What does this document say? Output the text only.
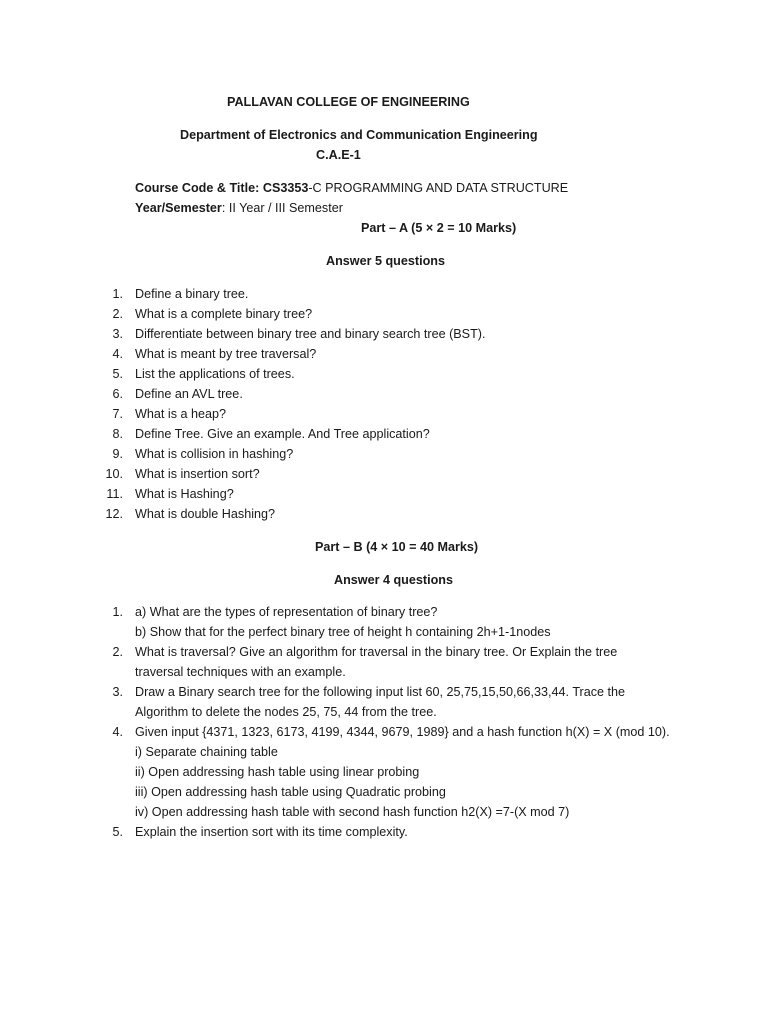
PALLAVAN COLLEGE OF ENGINEERING
Department of Electronics and Communication Engineering
C.A.E-1
Course Code & Title: CS3353-C PROGRAMMING AND DATA STRUCTURE
Year/Semester: II Year / III Semester
Part – A (5 × 2 = 10 Marks)
Answer 5 questions
1. Define a binary tree.
2. What is a complete binary tree?
3. Differentiate between binary tree and binary search tree (BST).
4. What is meant by tree traversal?
5. List the applications of trees.
6. Define an AVL tree.
7. What is a heap?
8. Define Tree. Give an example. And Tree application?
9. What is collision in hashing?
10. What is insertion sort?
11. What is Hashing?
12. What is double Hashing?
Part – B (4 × 10 = 40 Marks)
Answer 4 questions
1. a) What are the types of representation of binary tree?
b) Show that for the perfect binary tree of height h containing 2h+1-1nodes
2. What is traversal? Give an algorithm for traversal in the binary tree. Or Explain the tree
traversal techniques with an example.
3. Draw a Binary search tree for the following input list 60, 25,75,15,50,66,33,44. Trace the
Algorithm to delete the nodes 25, 75, 44 from the tree.
4. Given input {4371, 1323, 6173, 4199, 4344, 9679, 1989} and a hash function h(X) = X (mod 10).
i) Separate chaining table
ii) Open addressing hash table using linear probing
iii) Open addressing hash table using Quadratic probing
iv) Open addressing hash table with second hash function h2(X) =7-(X mod 7)
5. Explain the insertion sort with its time complexity.
